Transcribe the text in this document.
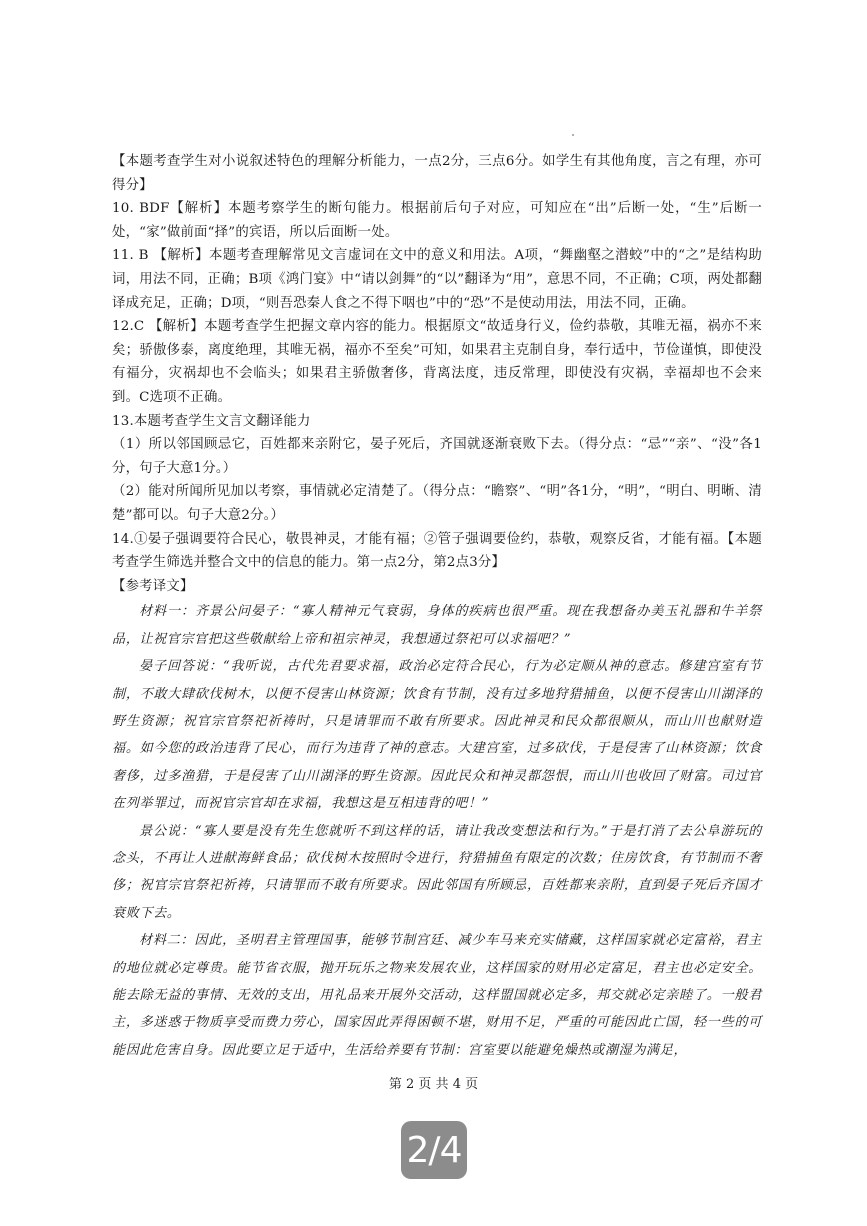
【本题考查学生对小说叙述特色的理解分析能力，一点2分，三点6分。如学生有其他角度，言之有理，亦可得分】

10. BDF【解析】本题考察学生的断句能力。根据前后句子对应，可知应在“出”后断一处，“生”后断一处，“家”做前面“择”的宾语，所以后面断一处。

11. B 【解析】本题考查理解常见文言虚词在文中的意义和用法。A项，“舞幽壑之潜蛟”中的“之”是结构助词，用法不同，正确；B项《鸿门宴》中“请以剑舞”的“以”翻译为“用”，意思不同，不正确；C项，两处都翻译成充足，正确；D项，“则吾恐秦人食之不得下咽也”中的“恐”不是使动用法，用法不同，正确。

12.C 【解析】本题考查学生把握文章内容的能力。根据原文“故适身行义，俭约恭敬，其唯无福，祸亦不来矣；骄傲侈泰，离度绝理，其唯无祸，福亦不至矣”可知，如果君主克制自身，奉行适中，节俭谨慎，即使没有福分，灾祸却也不会临头；如果君主骄傲奢侈，背离法度，违反常理，即使没有灾祸，幸福却也不会来到。C选项不正确。

13.本题考查学生文言文翻译能力

（1）所以邻国顾忌它，百姓都来亲附它，晏子死后，齐国就逐渐衰败下去。（得分点：“忌”“亲”、“没”各1分，句子大意1分。）

（2）能对所闻所见加以考察，事情就必定清楚了。（得分点：“瞻察”、“明”各1分，“明”，“明白、明晰、清楚”都可以。句子大意2分。）

14.①晏子强调要符合民心，敬畏神灵，才能有福；②管子强调要俭约，恭敬，观察反省，才能有福。【本题考查学生筛选并整合文中的信息的能力。第一点2分，第2点3分】

【参考译文】

材料一：齐景公问晏子：“寡人精神元气衰弱，身体的疾病也很严重。现在我想备办美玉礼器和牛羊祭品，让祝官宗官把这些敬献给上帝和祖宗神灵，我想通过祭祀可以求福吧？”

晏子回答说：“我听说，古代先君要求福，政治必定符合民心，行为必定顺从神的意志。修建宫室有节制，不敢大肆砍伐树木，以便不侵害山林资源；饮食有节制，没有过多地狩猎捕鱼，以便不侵害山川湖泽的野生资源；祝官宗官祭祀祈祷时，只是请罪而不敢有所要求。因此神灵和民众都很顺从，而山川也献财造福。如今您的政治违背了民心，而行为违背了神的意志。大建宫室，过多砍伐，于是侵害了山林资源；饮食奢侈，过多渔猎，于是侵害了山川湖泽的野生资源。因此民众和神灵都怨恨，而山川也收回了财富。司过官在列举罪过，而祝官宗官却在求福，我想这是互相违背的吧！”

景公说：“寡人要是没有先生您就听不到这样的话，请让我改变想法和行为。”于是打消了去公阜游玩的念头，不再让人进献海鲜食品；砍伐树木按照时令进行，狩猎捕鱼有限定的次数；住房饮食，有节制而不奢侈；祝官宗官祭祀祈祷，只请罪而不敢有所要求。因此邻国有所顾忌，百姓都来亲附，直到晏子死后齐国才衰败下去。

材料二：因此，圣明君主管理国事，能够节制宫廷、减少车马来充实储藏，这样国家就必定富裕，君主的地位就必定尊贵。能节省衣服，抛开玩乐之物来发展农业，这样国家的财用必定富足，君主也必定安全。能去除无益的事情、无效的支出，用礼品来开展外交活动，这样盟国就必定多，邦交就必定亲睦了。一般君主，多迷惑于物质享受而费力劳心，国家因此弄得困顿不堪，财用不足，严重的可能因此亡国，轻一些的可能因此危害自身。因此要立足于适中，生活给养要有节制：宫室要以能避免燥热或潮湿为满足，

第 2 页 共 4 页
2/4
